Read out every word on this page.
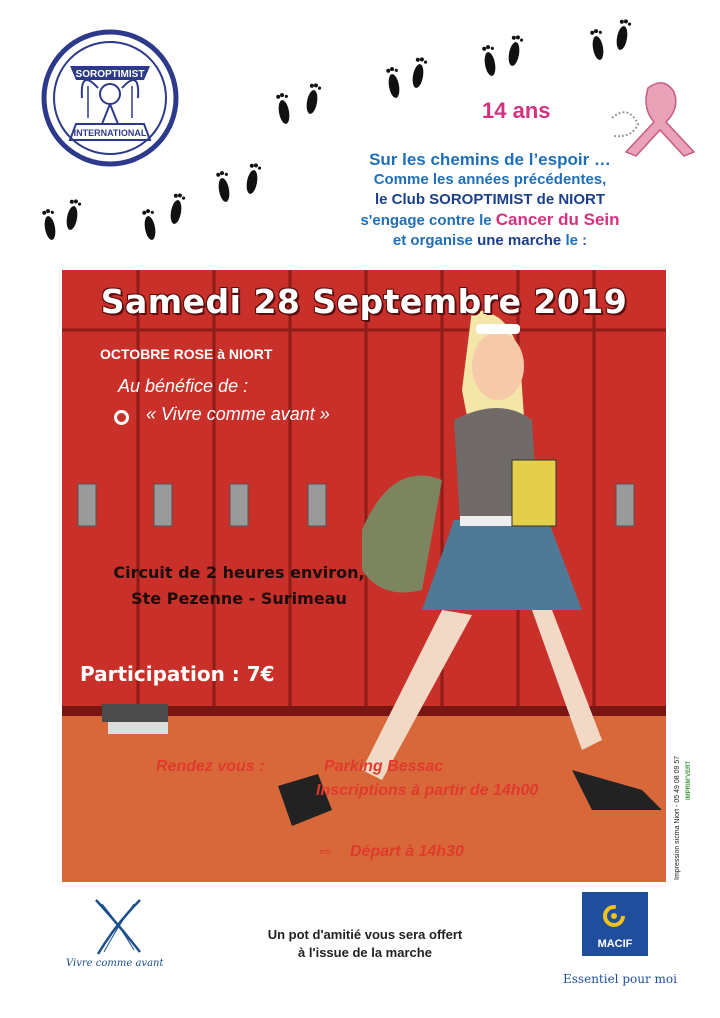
SOROPTIMIST
INTERNATIONAL
14 ans
Sur les chemins de l’espoir …
Comme les années précédentes,
le Club SOROPTIMIST de NIORT
s'engage contre le Cancer du Sein
et organise une marche le :
Samedi 28 Septembre 2019
OCTOBRE ROSE à NIORT
Au bénéfice de :
« Vivre comme avant »
Circuit de 2 heures environ,
Ste Pezenne - Surimeau
Participation : 7€
Rendez vous :	Parking Bessac
Inscriptions à partir de 14h00
⇨ Départ à 14h30	Impression sicma Niort - 05 49 08 09 57 IMPRIM'VERT
Vivre comme avant
Un pot d'amitié vous sera offert
à l'issue de la marche
MACIF
Essentiel pour moi
